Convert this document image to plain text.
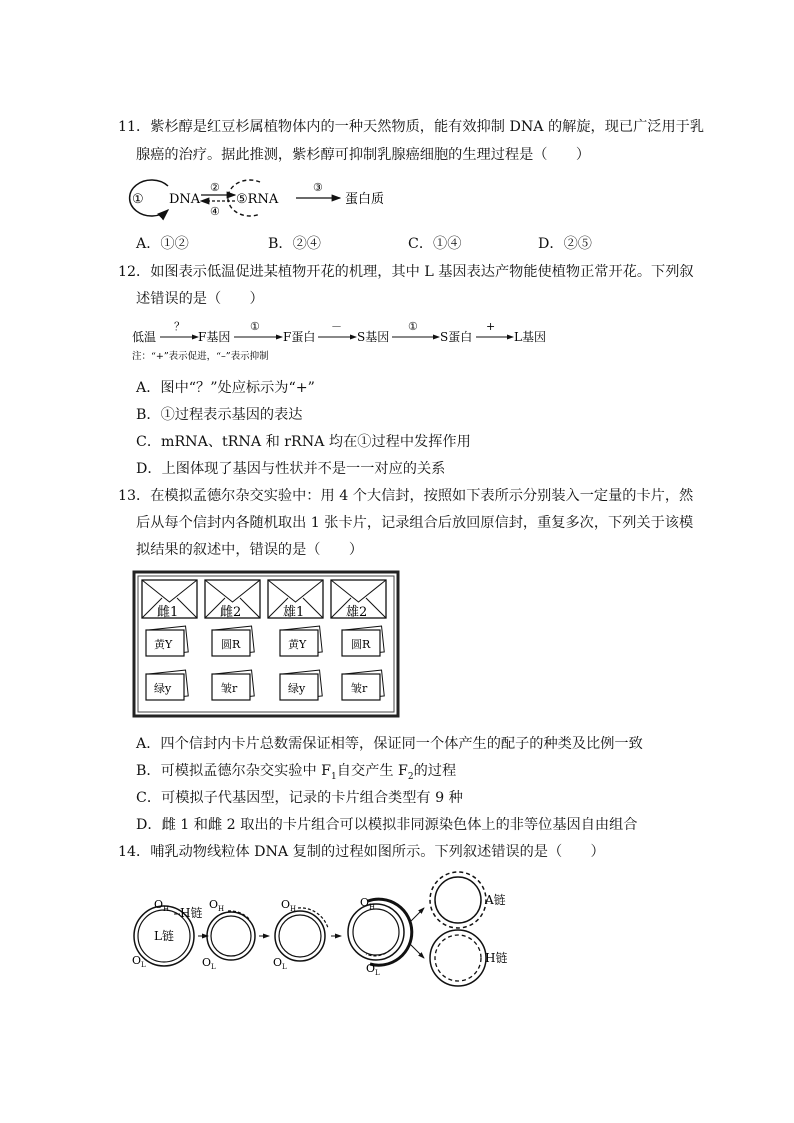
11．紫杉醇是红豆杉属植物体内的一种天然物质，能有效抑制 DNA 的解旋，现已广泛用于乳
腺癌的治疗。据此推测，紫杉醇可抑制乳腺癌细胞的生理过程是（　　）
① DNA
②
④
⑤RNA
③
蛋白质
A．①②	B．②④	C．①④	D．②⑤
12．如图表示低温促进某植物开花的机理，其中 L 基因表达产物能使植物正常开花。下列叙
述错误的是（　　）
低温
？
F基因
①
F蛋白
－
S基因
①
S蛋白
+
L基因
注：“+”表示促进，“–”表示抑制
A．图中“？”处应标示为“+”
B．①过程表示基因的表达
C．mRNA、tRNA 和 rRNA 均在①过程中发挥作用
D．上图体现了基因与性状并不是一一对应的关系
13．在模拟孟德尔杂交实验中：用 4 个大信封，按照如下表所示分别装入一定量的卡片，然
后从每个信封内各随机取出 1 张卡片，记录组合后放回原信封，重复多次，下列关于该模
拟结果的叙述中，错误的是（　　）
雌1	雌2	雄1	雄2
黄Y	圆R	黄Y	圆R
绿y	皱r	绿y	皱r
A．四个信封内卡片总数需保证相等，保证同一个体产生的配子的种类及比例一致
B．可模拟孟德尔杂交实验中 $F_1$自交产生 $F_2$的过程
C．可模拟子代基因型，记录的卡片组合类型有 9 种
D．雌 1 和雌 2 取出的卡片组合可以模拟非同源染色体上的非等位基因自由组合
14．哺乳动物线粒体 DNA 复制的过程如图所示。下列叙述错误的是（　　）
$O_H$ H链
L链
$O_L$
$O_H$
$O_L$
$O_H$
$O_L$
$O_H$
$O_L$
A链
H链
